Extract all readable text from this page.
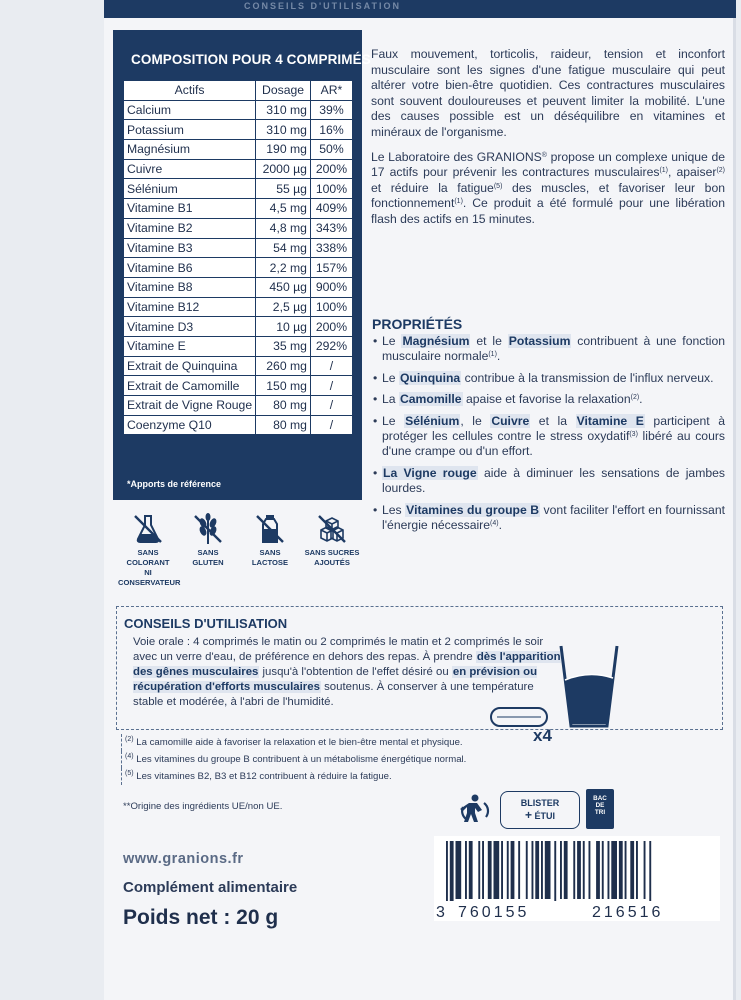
CONSEILS D'UTILISATION
COMPOSITION POUR 4 COMPRIMÉS
Actifs	Dosage	AR*
Calcium	310 mg	39%
Potassium	310 mg	16%
Magnésium	190 mg	50%
Cuivre	2000 µg	200%
Sélénium	55 µg	100%
Vitamine B1	4,5 mg	409%
Vitamine B2	4,8 mg	343%
Vitamine B3	54 mg	338%
Vitamine B6	2,2 mg	157%
Vitamine B8	450 µg	900%
Vitamine B12	2,5 µg	100%
Vitamine D3	10 µg	200%
Vitamine E	35 mg	292%
Extrait de Quinquina	260 mg	/
Extrait de Camomille	150 mg	/
Extrait de Vigne Rouge	80 mg	/
Coenzyme Q10	80 mg	/
*Apports de référence
SANS COLORANT
NI CONSERVATEUR
SANS
GLUTEN
SANS
LACTOSE
SANS SUCRES
AJOUTÉS

Faux mouvement, torticolis, raideur, tension et inconfort musculaire sont les signes d'une fatigue musculaire qui peut altérer votre bien-être quotidien. Ces contractures musculaires sont souvent douloureuses et peuvent limiter la mobilité. L'une des causes possible est un déséquilibre en vitamines et minéraux de l'organisme.

Le Laboratoire des GRANIONS® propose un complexe unique de 17 actifs pour prévenir les contractures musculaires$^{(1)}$, apaiser$^{(2)}$ et réduire la fatigue$^{(5)}$ des muscles, et favoriser leur bon fonctionnement$^{(1)}$. Ce produit a été formulé pour une libération flash des actifs en 15 minutes.

PROPRIÉTÉS
• Le Magnésium et le Potassium contribuent à une fonction musculaire normale$^{(1)}$.
• Le Quinquina contribue à la transmission de l'influx nerveux.
• La Camomille apaise et favorise la relaxation$^{(2)}$.
• Le Sélénium, le Cuivre et la Vitamine E participent à protéger les cellules contre le stress oxydatif$^{(3)}$ libéré au cours d'une crampe ou d'un effort.
• La Vigne rouge aide à diminuer les sensations de jambes lourdes.
• Les Vitamines du groupe B vont faciliter l'effort en fournissant l'énergie nécessaire$^{(4)}$.
CONSEILS D'UTILISATION
Voie orale : 4 comprimés le matin ou 2 comprimés le matin et 2 comprimés le soir avec un verre d'eau, de préférence en dehors des repas. À prendre dès l'apparition des gênes musculaires jusqu'à l'obtention de l'effet désiré ou en prévision ou récupération d'efforts musculaires soutenus. À conserver à une température stable et modérée, à l'abri de l'humidité.
x4
$^{(2)}$ La camomille aide à favoriser la relaxation et le bien-être mental et physique.
$^{(4)}$ Les vitamines du groupe B contribuent à un métabolisme énergétique normal.
$^{(5)}$ Les vitamines B2, B3 et B12 contribuent à réduire la fatigue.
**Origine des ingrédients UE/non UE.	BLISTER
+ ÉTUI
BAC
DE
TRI
www.granions.fr
Complément alimentaire
Poids net : 20 g	3 760155	216516
